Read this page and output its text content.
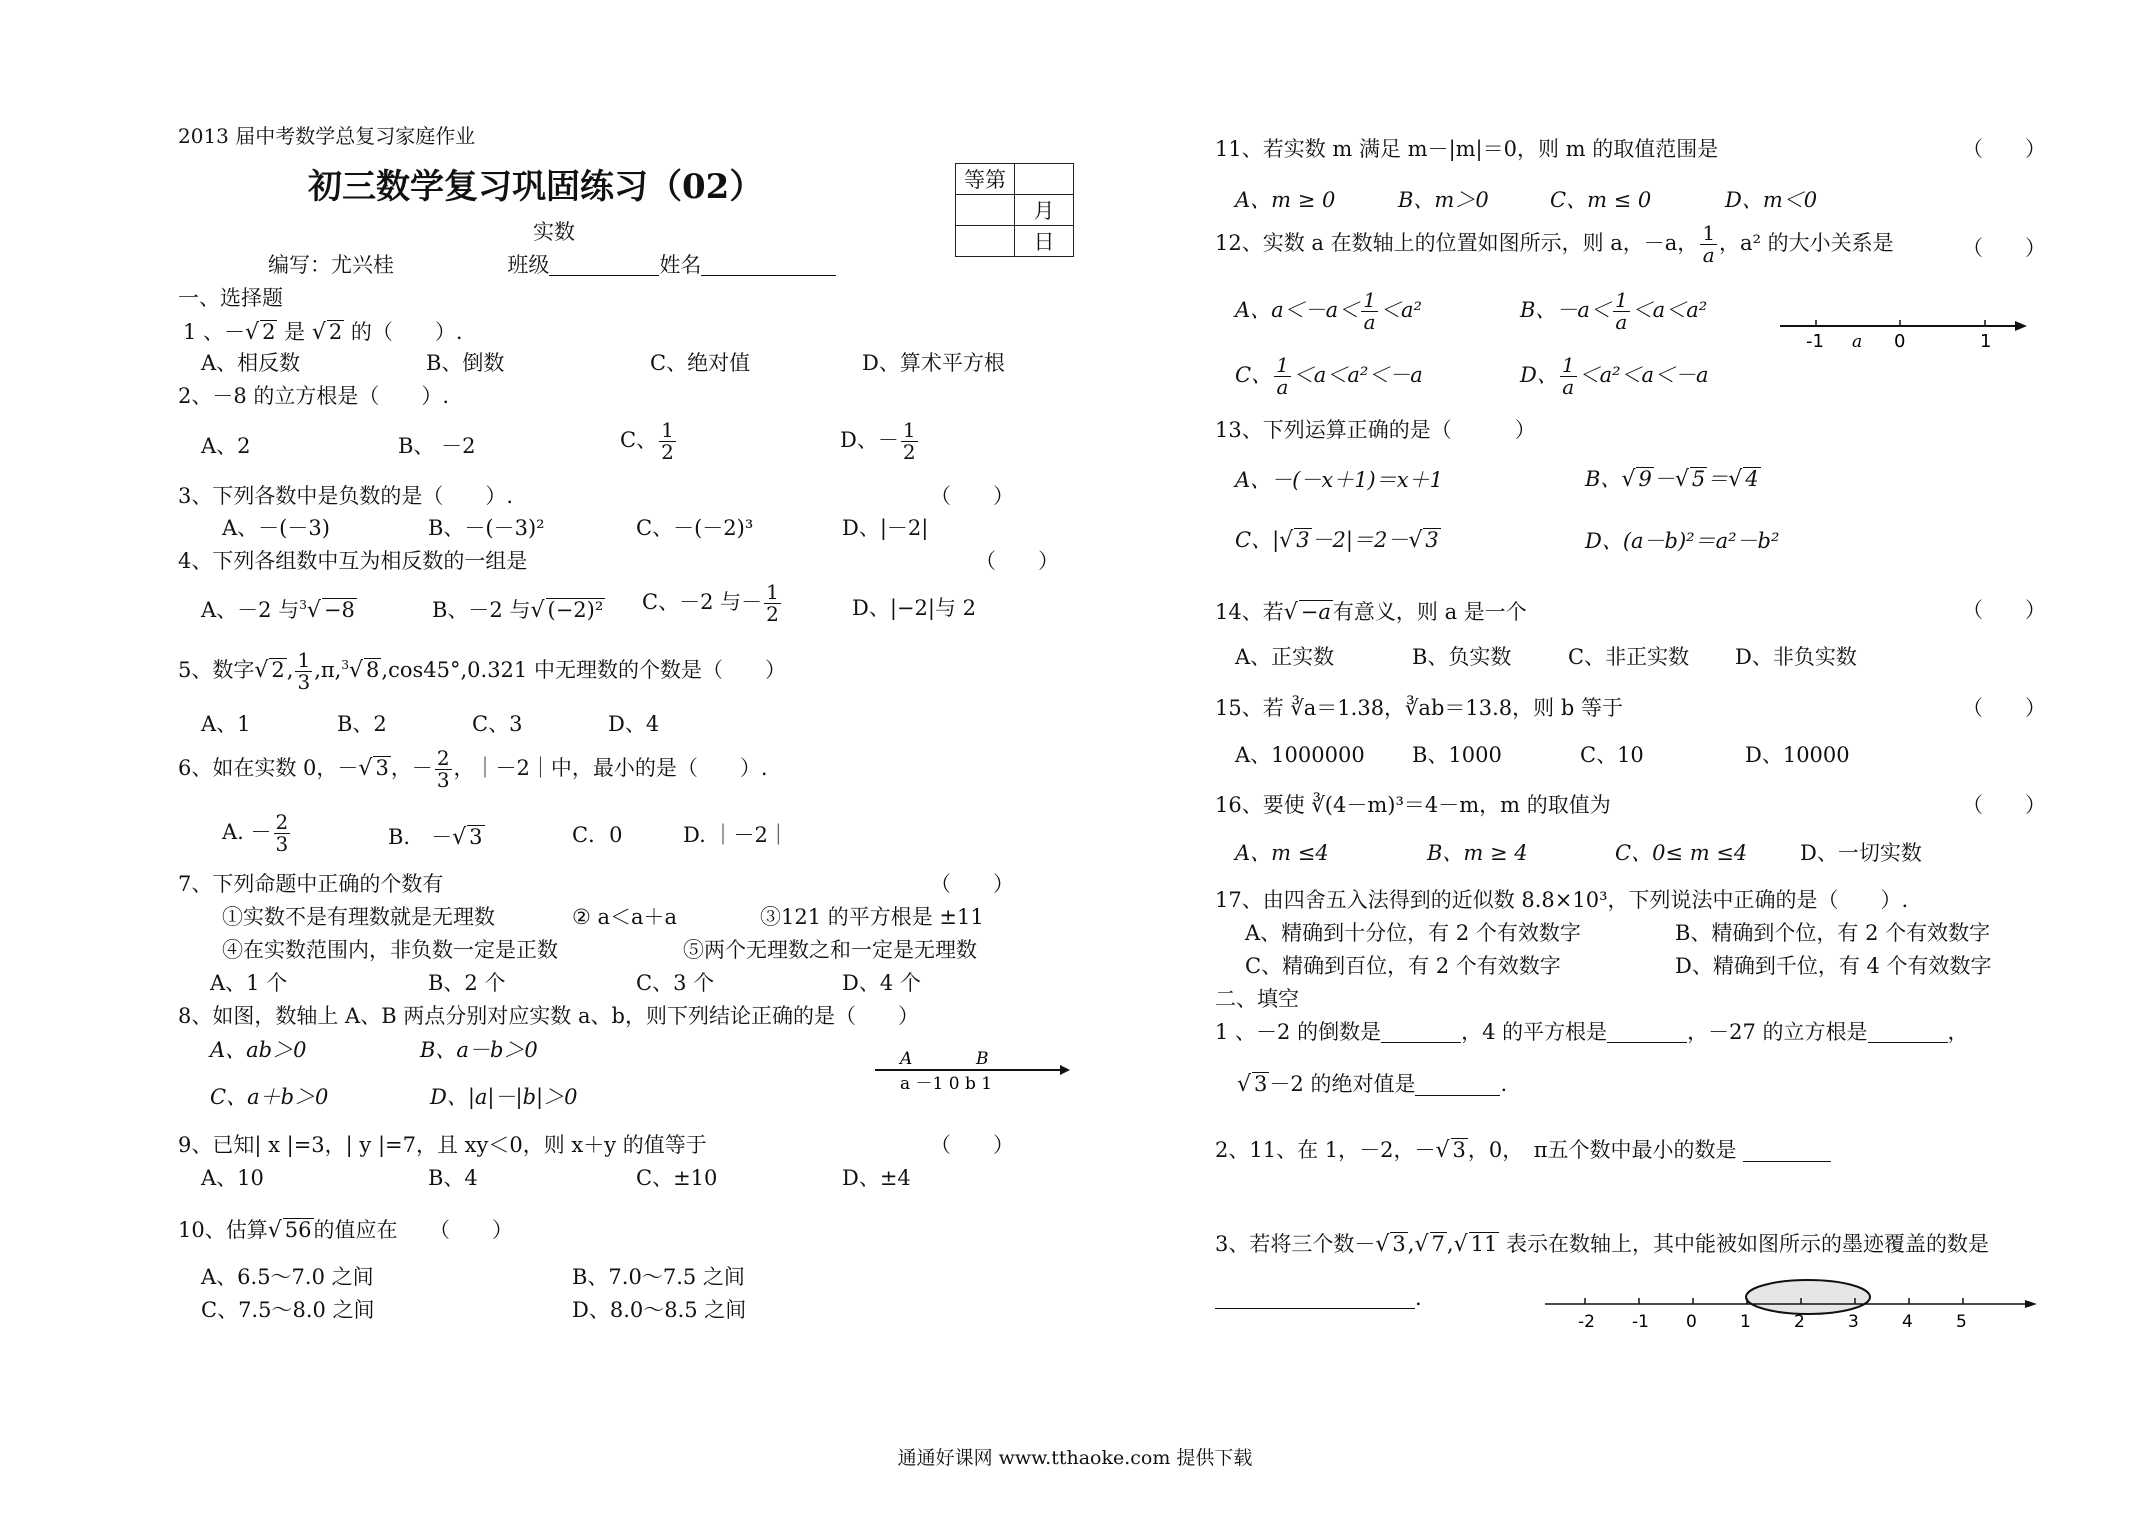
2013 届中考数学总复习家庭作业
初三数学复习巩固练习（02）
实数
编写：尤兴桂	班级	姓名
等第	
	月
	日
一、选择题
1 、－√ 2 是 √ 2 的（　　）.
A、相反数	B、倒数	C、绝对值	D、算术平方根
2、－8 的立方根是（　　）.
A、2	B、 －2	C、 $\frac{1}{2}$	D、－ $\frac{1}{2}$
3、下列各数中是负数的是（　　）.	（　　）
A、－(－3)	B、－(－3)²	C、－(－2)³	D、|－2|
4、下列各组数中互为相反数的一组是	（　　）
A、－2 与$^3$√ −8	B、－2 与√ (−2)² C、－2 与－ $\frac{1}{2}$	D、|−2|与 2
5、数字√ 2, $\frac{1}{3} ,\pi,^3√$ 8,cos45°,0.321 中无理数的个数是（　　）
A、1	B、2	C、3	D、4
6、如在实数 0，－√ 3，－ $\frac{2}{3}$ ，｜－2｜中，最小的是（　　）.
A. － $\frac{2}{3}$	B.　－√ 3	C．0	D. ｜－2｜
7、下列命题中正确的个数有	（　　）
①实数不是有理数就是无理数	② a＜a＋a	③121 的平方根是 ±11
④在实数范围内，非负数一定是正数	⑤两个无理数之和一定是无理数
A、1 个	B、2 个	C、3 个	D、4 个
8、如图，数轴上 A、B 两点分别对应实数 a、b，则下列结论正确的是（　　）
A、ab＞0	B、a－b＞0
C、a＋b＞0	D、|a|－|b|＞0
A	B
a －1 0 b 1
9、已知| x |=3，| y |=7，且 xy＜0，则 x＋y 的值等于	（　　）
A、10	B、4	C、±10	D、±4
10、估算√ 56的值应在　　（　　）
A、6.5～7.0 之间	B、7.0～7.5 之间
C、7.5～8.0 之间	D、8.0～8.5 之间
11、若实数 m 满足 m－|m|＝0，则 m 的取值范围是	（　　）
A、m ≥ 0	B、m＞0	C、m ≤ 0	D、m＜0
12、实数 a 在数轴上的位置如图所示，则 a，－a， $\frac{1}{a}$ ，a² 的大小关系是	（　　）
A、$a<-a< \frac{1}{a} <a^2$	B、$-a< \frac{1}{a} <a<a^2$
C、 $\frac{1}{a} <a<a^2<-a$	D、 $\frac{1}{a} <a^2<a<-a$
-1 a 0	1
13、下列运算正确的是（　　　）
A、－(－x＋1)＝x＋1	B、√ 9－√ 5＝√ 4
C、|√ 3－2|＝2－√ 3	D、(a－b)²＝a²－b²
14、若√ −a有意义，则 a 是一个	（　　）
A、正实数	B、负实数	C、非正实数 D、非负实数
15、若 ∛a＝1.38，∛ab＝13.8，则 b 等于	（　　）
A、1000000 B、1000	C、10	D、10000
16、要使 ∛(4－m)³＝4－m，m 的取值为	（　　）
A、m ≤4	B、m ≥ 4	C、0≤ m ≤4	D、一切实数
17、由四舍五入法得到的近似数 8.8×10³，下列说法中正确的是（　　）.
A、精确到十分位，有 2 个有效数字	B、精确到个位，有 2 个有效数字
C、精确到百位，有 2 个有效数字	D、精确到千位，有 4 个有效数字
二、填空
1 、－2 的倒数是	，4 的平方根是	，－27 的立方根是	，
√ 3－2 的绝对值是	.
2、11、在 1，－2，－√ 3，0，　π五个数中最小的数是
3、若将三个数－√ 3,√ 7,√ 11 表示在数轴上，其中能被如图所示的墨迹覆盖的数是
.
-2 -1 0	1	2	3	4	5
通通好课网 www.tthaoke.com 提供下载
